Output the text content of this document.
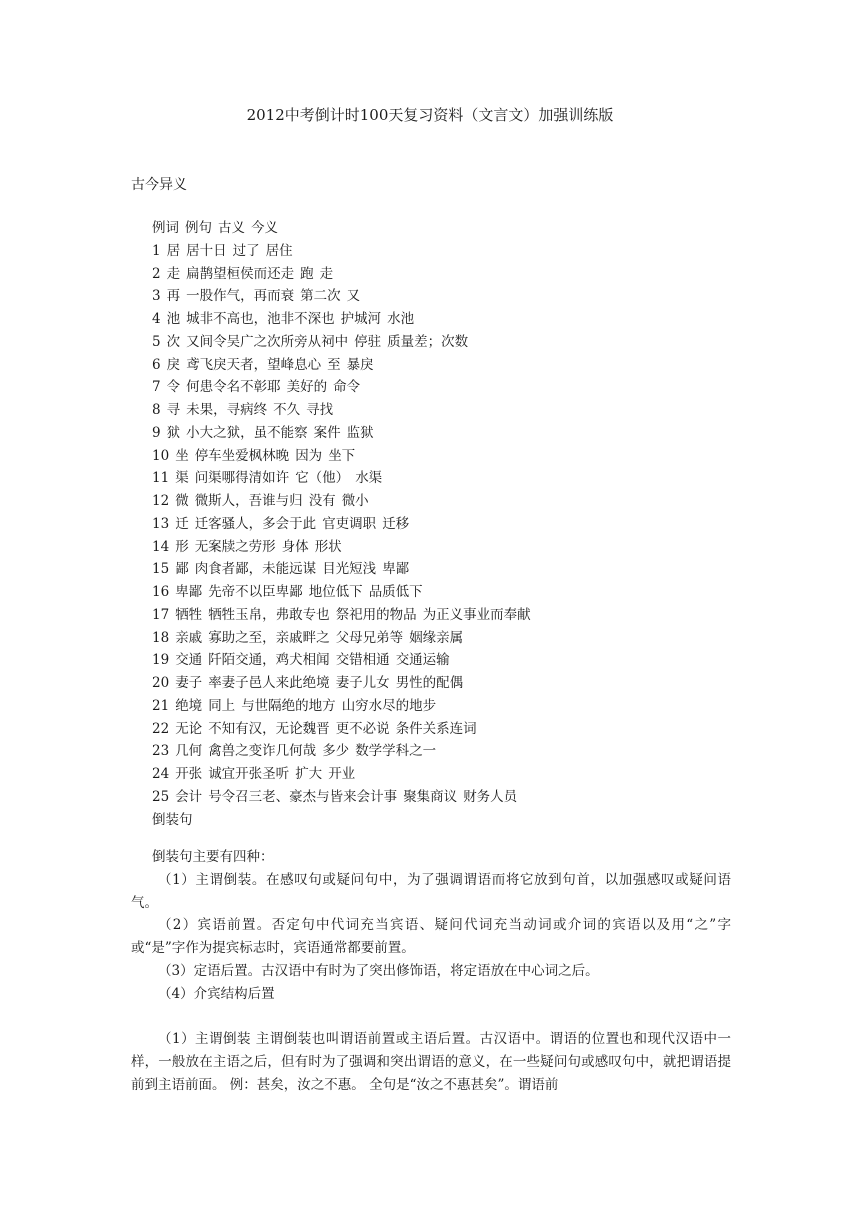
2012中考倒计时100天复习资料（文言文）加强训练版
古今异义
例词 例句 古义 今义
1 居 居十日 过了 居住
2 走 扁鹊望桓侯而还走 跑 走
3 再 一股作气，再而衰 第二次 又
4 池 城非不高也，池非不深也 护城河 水池
5 次 又间令吴广之次所旁从祠中 停驻 质量差；次数
6 戾 鸢飞戾天者，望峰息心 至 暴戾
7 令 何患令名不彰耶 美好的 命令
8 寻 未果，寻病终 不久 寻找
9 狱 小大之狱，虽不能察 案件 监狱
10 坐 停车坐爱枫林晚 因为 坐下
11 渠 问渠哪得清如许 它（他） 水渠
12 微 微斯人，吾谁与归 没有 微小
13 迁 迁客骚人，多会于此 官吏调职 迁移
14 形 无案牍之劳形 身体 形状
15 鄙 肉食者鄙，未能远谋 目光短浅 卑鄙
16 卑鄙 先帝不以臣卑鄙 地位低下 品质低下
17 牺牲 牺牲玉帛，弗敢专也 祭祀用的物品 为正义事业而奉献
18 亲戚 寡助之至，亲戚畔之 父母兄弟等 姻缘亲属
19 交通 阡陌交通，鸡犬相闻 交错相通 交通运输
20 妻子 率妻子邑人来此绝境 妻子儿女 男性的配偶
21 绝境 同上 与世隔绝的地方 山穷水尽的地步
22 无论 不知有汉，无论魏晋 更不必说 条件关系连词
23 几何 禽兽之变诈几何哉 多少 数学学科之一
24 开张 诚宜开张圣听 扩大 开业
25 会计 号令召三老、豪杰与皆来会计事 聚集商议 财务人员
倒装句

倒装句主要有四种：

（1）主谓倒装。在感叹句或疑问句中，为了强调谓语而将它放到句首，以加强感叹或疑问语气。

（2）宾语前置。否定句中代词充当宾语、疑问代词充当动词或介词的宾语以及用“之”字或“是”字作为提宾标志时，宾语通常都要前置。

（3）定语后置。古汉语中有时为了突出修饰语，将定语放在中心词之后。

（4）介宾结构后置

（1）主谓倒装 主谓倒装也叫谓语前置或主语后置。古汉语中。谓语的位置也和现代汉语中一样，一般放在主语之后，但有时为了强调和突出谓语的意义，在一些疑问句或感叹句中，就把谓语提前到主语前面。 例：甚矣，汝之不惠。 全句是“汝之不惠甚矣”。谓语前
